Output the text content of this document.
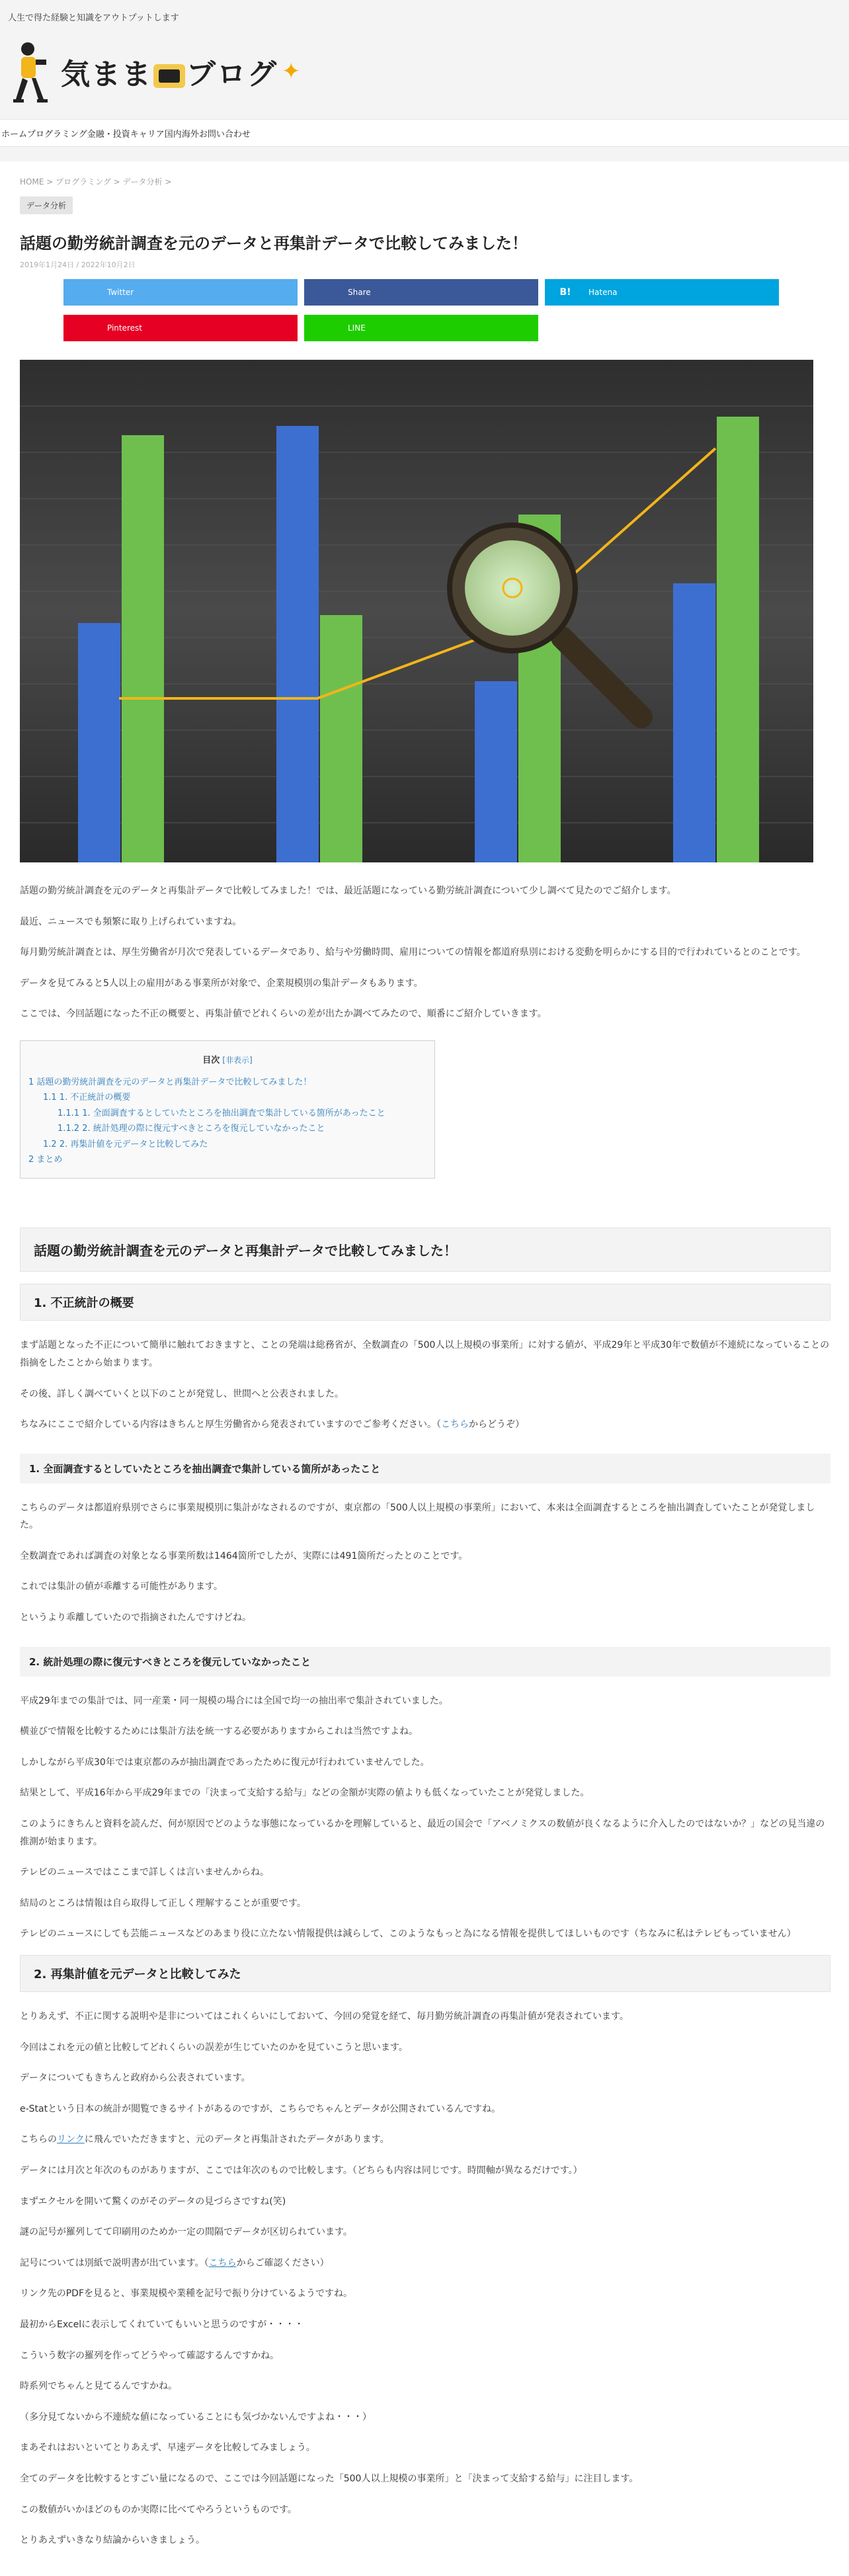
人生で得た経験と知識をアウトプットします
気まま ブログ ✦
ホーム プログラミング 金融・投資 キャリア 国内 海外 お問い合わせ
HOME > プログラミング > データ分析 >
データ分析
話題の勤労統計調査を元のデータと再集計データで比較してみました！
2019年1月24日 / 2022年10月2日
Twitter	Share	B!	Hatena
Pinterest	LINE

話題の勤労統計調査を元のデータと再集計データで比較してみました！では、最近話題になっている勤労統計調査について少し調べて見たのでご紹介します。

最近、ニュースでも頻繁に取り上げられていますね。

毎月勤労統計調査とは、厚生労働省が月次で発表しているデータであり、給与や労働時間、雇用についての情報を都道府県別における変動を明らかにする目的で行われているとのことです。

データを見てみると5人以上の雇用がある事業所が対象で、企業規模別の集計データもあります。

ここでは、今回話題になった不正の概要と、再集計値でどれくらいの差が出たか調べてみたので、順番にご紹介していきます。

目次 [非表示]
1 話題の勤労統計調査を元のデータと再集計データで比較してみました！
1.1 1. 不正統計の概要
1.1.1 1. 全面調査するとしていたところを抽出調査で集計している箇所があったこと
1.1.2 2. 統計処理の際に復元すべきところを復元していなかったこと
1.2 2. 再集計値を元データと比較してみた
2 まとめ
話題の勤労統計調査を元のデータと再集計データで比較してみました！
1. 不正統計の概要

まず話題となった不正について簡単に触れておきますと、ことの発端は総務省が、全数調査の「500人以上規模の事業所」に対する値が、平成29年と平成30年で数値が不連続になっていることの指摘をしたことから始まります。

その後、詳しく調べていくと以下のことが発覚し、世間へと公表されました。

ちなみにここで紹介している内容はきちんと厚生労働省から発表されていますのでご参考ください。（こちらからどうぞ）

1. 全面調査するとしていたところを抽出調査で集計している箇所があったこと

こちらのデータは都道府県別でさらに事業規模別に集計がなされるのですが、東京都の「500人以上規模の事業所」において、本来は全面調査するところを抽出調査していたことが発覚しました。

全数調査であれば調査の対象となる事業所数は1464箇所でしたが、実際には491箇所だったとのことです。

これでは集計の値が乖離する可能性があります。

というより乖離していたので指摘されたんですけどね。

2. 統計処理の際に復元すべきところを復元していなかったこと

平成29年までの集計では、同一産業・同一規模の場合には全国で均一の抽出率で集計されていました。

横並びで情報を比較するためには集計方法を統一する必要がありますからこれは当然ですよね。

しかしながら平成30年では東京都のみが抽出調査であったために復元が行われていませんでした。

結果として、平成16年から平成29年までの「決まって支給する給与」などの金額が実際の値よりも低くなっていたことが発覚しました。

このようにきちんと資料を読んだ、何が原因でどのような事態になっているかを理解していると、最近の国会で「アベノミクスの数値が良くなるように介入したのではないか？」などの見当違の推測が始まります。

テレビのニュースではここまで詳しくは言いませんからね。

結局のところは情報は自ら取得して正しく理解することが重要です。

テレビのニュースにしても芸能ニュースなどのあまり役に立たない情報提供は減らして、このようなもっと為になる情報を提供してほしいものです（ちなみに私はテレビもっていません）

2. 再集計値を元データと比較してみた

とりあえず、不正に関する説明や是非についてはこれくらいにしておいて、今回の発覚を経て、毎月勤労統計調査の再集計値が発表されています。

今回はこれを元の値と比較してどれくらいの誤差が生じていたのかを見ていこうと思います。

データについてもきちんと政府から公表されています。

e-Statという日本の統計が閲覧できるサイトがあるのですが、こちらでちゃんとデータが公開されているんですね。

こちらのリンクに飛んでいただきますと、元のデータと再集計されたデータがあります。

データには月次と年次のものがありますが、ここでは年次のもので比較します。（どちらも内容は同じです。時間軸が異なるだけです。）

まずエクセルを開いて驚くのがそのデータの見づらさですね(笑)

謎の記号が羅列してて印刷用のためか一定の間隔でデータが区切られています。

記号については別紙で説明書が出ています。（こちらからご確認ください）

リンク先のPDFを見ると、事業規模や業種を記号で振り分けているようですね。

最初からExcelに表示してくれていてもいいと思うのですが・・・・

こういう数字の羅列を作ってどうやって確認するんですかね。

時系列でちゃんと見てるんですかね。

（多分見てないから不連続な値になっていることにも気づかないんですよね・・・）

まあそれはおいといてとりあえず、早速データを比較してみましょう。

全てのデータを比較するとすごい量になるので、ここでは今回話題になった「500人以上規模の事業所」と「決まって支給する給与」に注目します。

この数値がいかほどのものか実際に比べてやろうというものです。

とりあえずいきなり結論からいきましょう。
